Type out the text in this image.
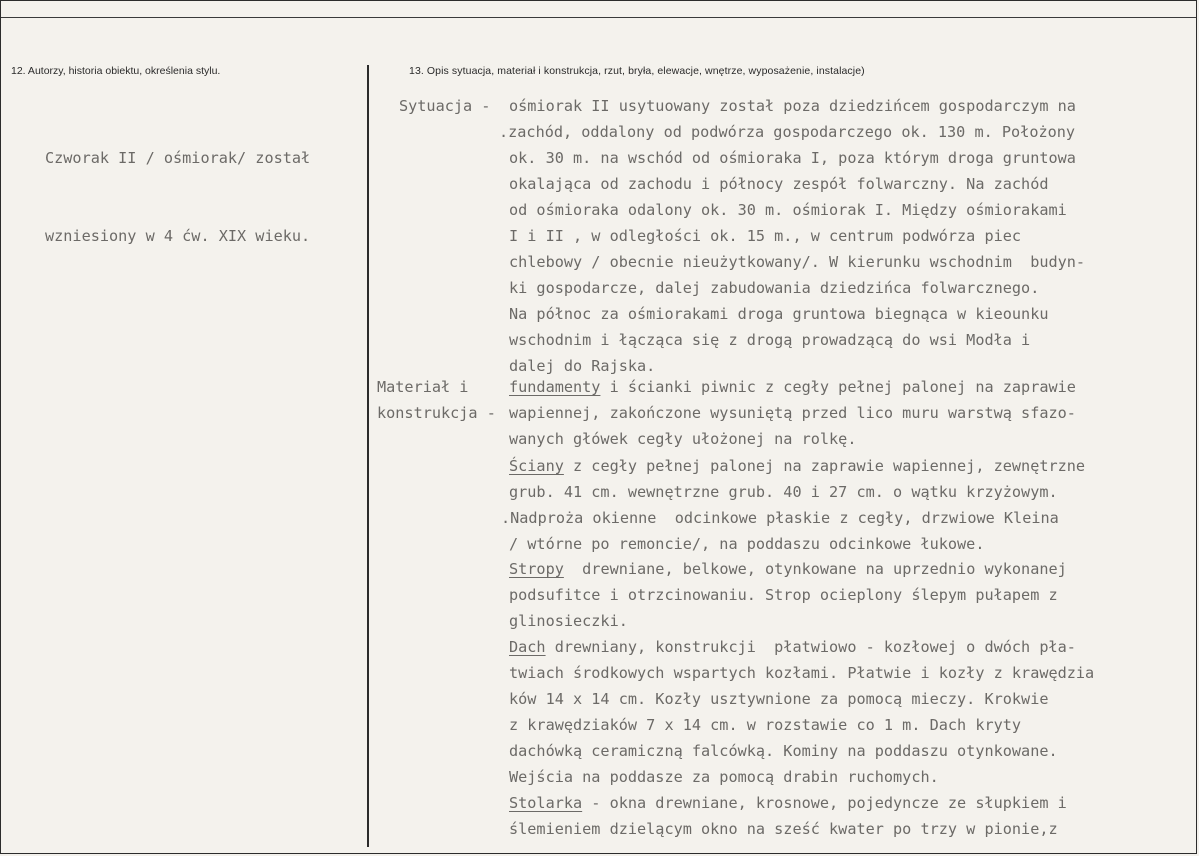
12. Autorzy, historia obiektu, określenia stylu.	13. Opis sytuacja, materiał i konstrukcja, rzut, bryła, elewacje, wnętrze, wyposażenie, instalacje)

Czworak II / ośmiorak/ został

wzniesiony w 4 ćw. XIX wieku.

Sytuacja -
Materiał i
konstrukcja -
ośmiorak II usytuowany został poza dziedzińcem gospodarczym na
.zachód, oddalony od podwórza gospodarczego ok. 130 m. Położony
ok. 30 m. na wschód od ośmioraka I, poza którym droga gruntowa
okalająca od zachodu i północy zespół folwarczny. Na zachód
od ośmioraka odalony ok. 30 m. ośmiorak I. Między ośmiorakami
I i II , w odległości ok. 15 m., w centrum podwórza piec
chlebowy / obecnie nieużytkowany/. W kierunku wschodnim  budyn-
ki gospodarcze, dalej zabudowania dziedzińca folwarcznego.
Na północ za ośmiorakami droga gruntowa biegnąca w kieounku
wschodnim i łącząca się z drogą prowadzącą do wsi Modła i
dalej do Rajska.
fundamenty i ścianki piwnic z cegły pełnej palonej na zaprawie
wapiennej, zakończone wysuniętą przed lico muru warstwą sfazo-
wanych główek cegły ułożonej na rolkę.
Ściany z cegły pełnej palonej na zaprawie wapiennej, zewnętrzne
grub. 41 cm. wewnętrzne grub. 40 i 27 cm. o wątku krzyżowym.
.Nadproża okienne  odcinkowe płaskie z cegły, drzwiowe Kleina
/ wtórne po remoncie/, na poddaszu odcinkowe łukowe.
Stropy  drewniane, belkowe, otynkowane na uprzednio wykonanej
podsufitce i otrzcinowaniu. Strop ocieplony ślepym pułapem z
glinosieczki.
Dach drewniany, konstrukcji  płatwiowo - kozłowej o dwóch pła-
twiach środkowych wspartych kozłami. Płatwie i kozły z krawędzia
ków 14 x 14 cm. Kozły usztywnione za pomocą mieczy. Krokwie
z krawędziaków 7 x 14 cm. w rozstawie co 1 m. Dach kryty
dachówką ceramiczną falcówką. Kominy na poddaszu otynkowane.
Wejścia na poddasze za pomocą drabin ruchomych.
Stolarka - okna drewniane, krosnowe, pojedyncze ze słupkiem i
ślemieniem dzielącym okno na sześć kwater po trzy w pionie,z
